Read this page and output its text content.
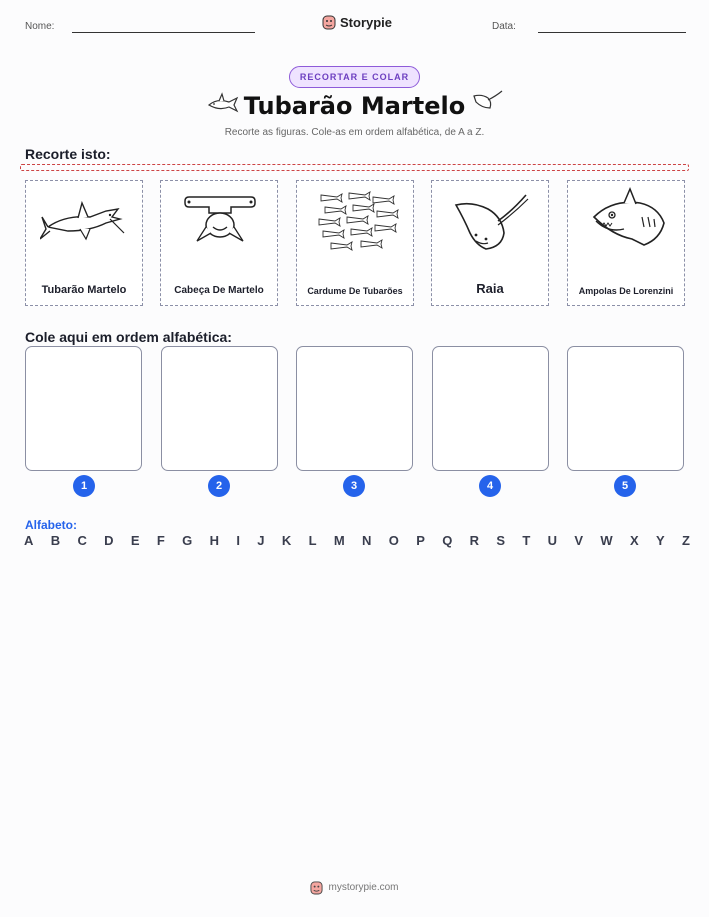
Nome:	Storypie	Data:
RECORTAR E COLAR
Tubarão Martelo
Recorte as figuras. Cole-as em ordem alfabética, de A a Z.
Recorte isto:
Tubarão Martelo	Cabeça De Martelo	Cardume De Tubarões	Raia	Ampolas De Lorenzini
Cole aqui em ordem alfabética:
1	2	3	4	5
Alfabeto:
A B C D E F G H I J K L M N O P Q R S T U V W X Y Z
mystorypie.com
